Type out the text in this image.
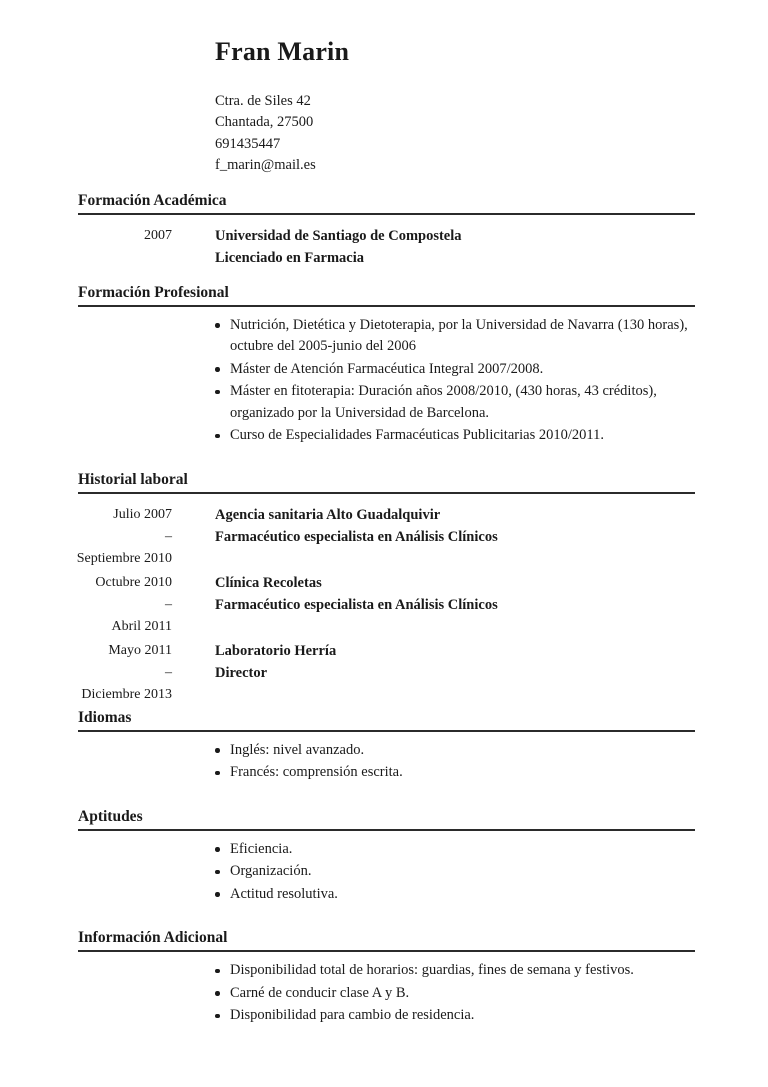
Fran Marin

Ctra. de Siles 42

Chantada, 27500

691435447

f_marin@mail.es

Formación Académica
2007	Universidad de Santiago de Compostela
Licenciado en Farmacia
Formación Profesional
Nutrición, Dietética y Dietoterapia, por la Universidad de Navarra (130 horas), octubre del 2005-junio del 2006
Máster de Atención Farmacéutica Integral 2007/2008.
Máster en fitoterapia: Duración años 2008/2010, (430 horas, 43 créditos), organizado por la Universidad de Barcelona.
Curso de Especialidades Farmacéuticas Publicitarias 2010/2011.
Historial laboral
Julio 2007
–
Septiembre 2010
Agencia sanitaria Alto Guadalquivir
Farmacéutico especialista en Análisis Clínicos
Octubre 2010
–
Abril 2011
Clínica Recoletas
Farmacéutico especialista en Análisis Clínicos
Mayo 2011
–
Diciembre 2013
Laboratorio Herría
Director
Idiomas
Inglés: nivel avanzado.
Francés: comprensión escrita.
Aptitudes
Eficiencia.
Organización.
Actitud resolutiva.
Información Adicional
Disponibilidad total de horarios: guardias, fines de semana y festivos.
Carné de conducir clase A y B.
Disponibilidad para cambio de residencia.
